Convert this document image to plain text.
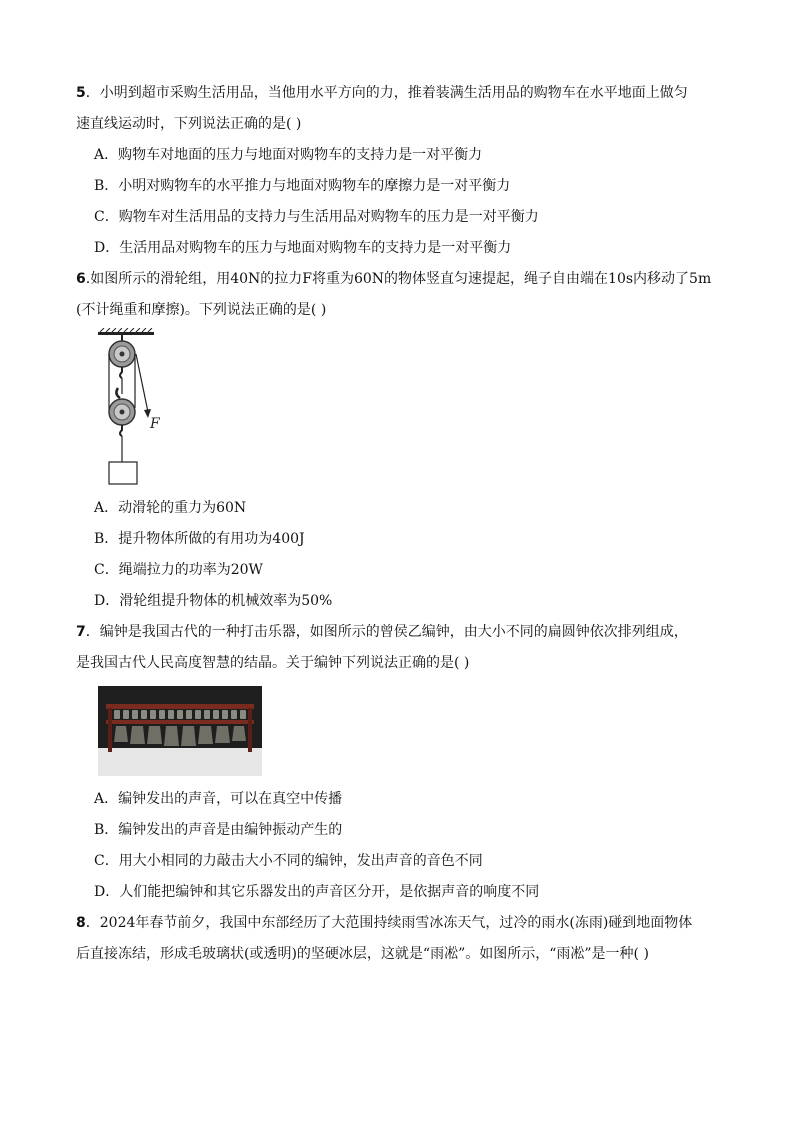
5．小明到超市采购生活用品，当他用水平方向的力，推着装满生活用品的购物车在水平地面上做匀
速直线运动时，下列说法正确的是( )
A．购物车对地面的压力与地面对购物车的支持力是一对平衡力
B．小明对购物车的水平推力与地面对购物车的摩擦力是一对平衡力
C．购物车对生活用品的支持力与生活用品对购物车的压力是一对平衡力
D．生活用品对购物车的压力与地面对购物车的支持力是一对平衡力
6.如图所示的滑轮组，用40N的拉力F将重为60N的物体竖直匀速提起，绳子自由端在10s内移动了5m
(不计绳重和摩擦)。下列说法正确的是( )
F
A．动滑轮的重力为60N
B．提升物体所做的有用功为400J
C．绳端拉力的功率为20W
D．滑轮组提升物体的机械效率为50%
7．编钟是我国古代的一种打击乐器，如图所示的曾侯乙编钟，由大小不同的扁圆钟依次排列组成，
是我国古代人民高度智慧的结晶。关于编钟下列说法正确的是( )
A．编钟发出的声音，可以在真空中传播
B．编钟发出的声音是由编钟振动产生的
C．用大小相同的力敲击大小不同的编钟，发出声音的音色不同
D．人们能把编钟和其它乐器发出的声音区分开，是依据声音的响度不同
8．2024年春节前夕，我国中东部经历了大范围持续雨雪冰冻天气，过冷的雨水(冻雨)碰到地面物体
后直接冻结，形成毛玻璃状(或透明)的坚硬冰层，这就是“雨凇”。如图所示，“雨凇”是一种( )
